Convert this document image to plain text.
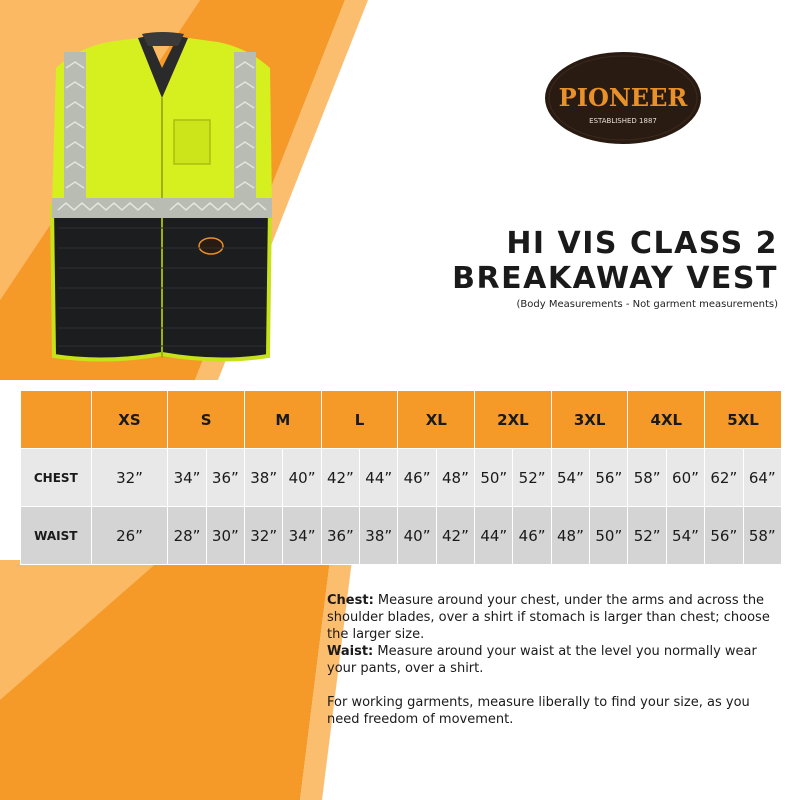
PIONEER
ESTABLISHED 1887
HI VIS CLASS 2
BREAKAWAY VEST
(Body Measurements - Not garment measurements)
	XS	S		M		L		XL		2XL		3XL		4XL		5XL	
CHEST	32”	34”	36”	38”	40”	42”	44”	46”	48”	50”	52”	54”	56”	58”	60”	62”	64”
WAIST	26”	28”	30”	32”	34”	36”	38”	40”	42”	44”	46”	48”	50”	52”	54”	56”	58”

Chest: Measure around your chest, under the arms and across the shoulder blades, over a shirt if stomach is larger than chest; choose the larger size.

Waist: Measure around your waist at the level you normally wear your pants, over a shirt.

For working garments, measure liberally to find your size, as you need freedom of movement.
